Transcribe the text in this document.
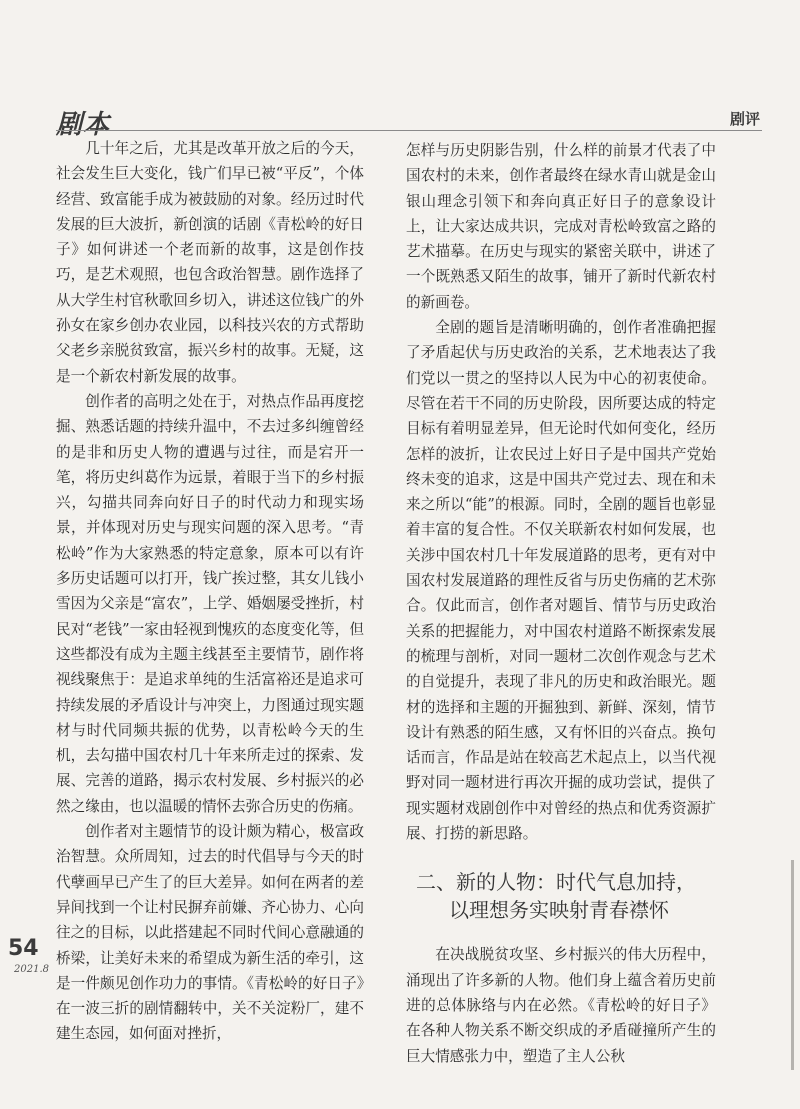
剧本	剧评

几十年之后，尤其是改革开放之后的今天，社会发生巨大变化，钱广们早已被“平反”，个体经营、致富能手成为被鼓励的对象。经历过时代发展的巨大波折，新创演的话剧《青松岭的好日子》如何讲述一个老而新的故事，这是创作技巧，是艺术观照，也包含政治智慧。剧作选择了从大学生村官秋歌回乡切入，讲述这位钱广的外孙女在家乡创办农业园，以科技兴农的方式帮助父老乡亲脱贫致富，振兴乡村的故事。无疑，这是一个新农村新发展的故事。

创作者的高明之处在于，对热点作品再度挖掘、熟悉话题的持续升温中，不去过多纠缠曾经的是非和历史人物的遭遇与过往，而是宕开一笔，将历史纠葛作为远景，着眼于当下的乡村振兴，勾描共同奔向好日子的时代动力和现实场景，并体现对历史与现实问题的深入思考。“青松岭”作为大家熟悉的特定意象，原本可以有许多历史话题可以打开，钱广挨过整，其女儿钱小雪因为父亲是“富农”，上学、婚姻屡受挫折，村民对“老钱”一家由轻视到愧疚的态度变化等，但这些都没有成为主题主线甚至主要情节，剧作将视线聚焦于：是追求单纯的生活富裕还是追求可持续发展的矛盾设计与冲突上，力图通过现实题材与时代同频共振的优势，以青松岭今天的生机，去勾描中国农村几十年来所走过的探索、发展、完善的道路，揭示农村发展、乡村振兴的必然之缘由，也以温暖的情怀去弥合历史的伤痛。

创作者对主题情节的设计颇为精心，极富政治智慧。众所周知，过去的时代倡导与今天的时代孽画早已产生了的巨大差异。如何在两者的差异间找到一个让村民摒弃前嫌、齐心协力、心向往之的目标，以此搭建起不同时代间心意融通的桥梁，让美好未来的希望成为新生活的牵引，这是一件颇见创作功力的事情。《青松岭的好日子》在一波三折的剧情翻转中，关不关淀粉厂，建不建生态园，如何面对挫折，

怎样与历史阴影告别，什么样的前景才代表了中国农村的未来，创作者最终在绿水青山就是金山银山理念引领下和奔向真正好日子的意象设计上，让大家达成共识，完成对青松岭致富之路的艺术描摹。在历史与现实的紧密关联中，讲述了一个既熟悉又陌生的故事，铺开了新时代新农村的新画卷。

全剧的题旨是清晰明确的，创作者准确把握了矛盾起伏与历史政治的关系，艺术地表达了我们党以一贯之的坚持以人民为中心的初衷使命。尽管在若干不同的历史阶段，因所要达成的特定目标有着明显差异，但无论时代如何变化，经历怎样的波折，让农民过上好日子是中国共产党始终未变的追求，这是中国共产党过去、现在和未来之所以“能”的根源。同时，全剧的题旨也彰显着丰富的复合性。不仅关联新农村如何发展，也关涉中国农村几十年发展道路的思考，更有对中国农村发展道路的理性反省与历史伤痛的艺术弥合。仅此而言，创作者对题旨、情节与历史政治关系的把握能力，对中国农村道路不断探索发展的梳理与剖析，对同一题材二次创作观念与艺术的自觉提升，表现了非凡的历史和政治眼光。题材的选择和主题的开掘独到、新鲜、深刻，情节设计有熟悉的陌生感，又有怀旧的兴奋点。换句话而言，作品是站在较高艺术起点上，以当代视野对同一题材进行再次开掘的成功尝试，提供了现实题材戏剧创作中对曾经的热点和优秀资源扩展、打捞的新思路。

二、新的人物：时代气息加持，
以理想务实映射青春襟怀

在决战脱贫攻坚、乡村振兴的伟大历程中，涌现出了许多新的人物。他们身上蕴含着历史前进的总体脉络与内在必然。《青松岭的好日子》在各种人物关系不断交织成的矛盾碰撞所产生的巨大情感张力中，塑造了主人公秋

54
2021.8
